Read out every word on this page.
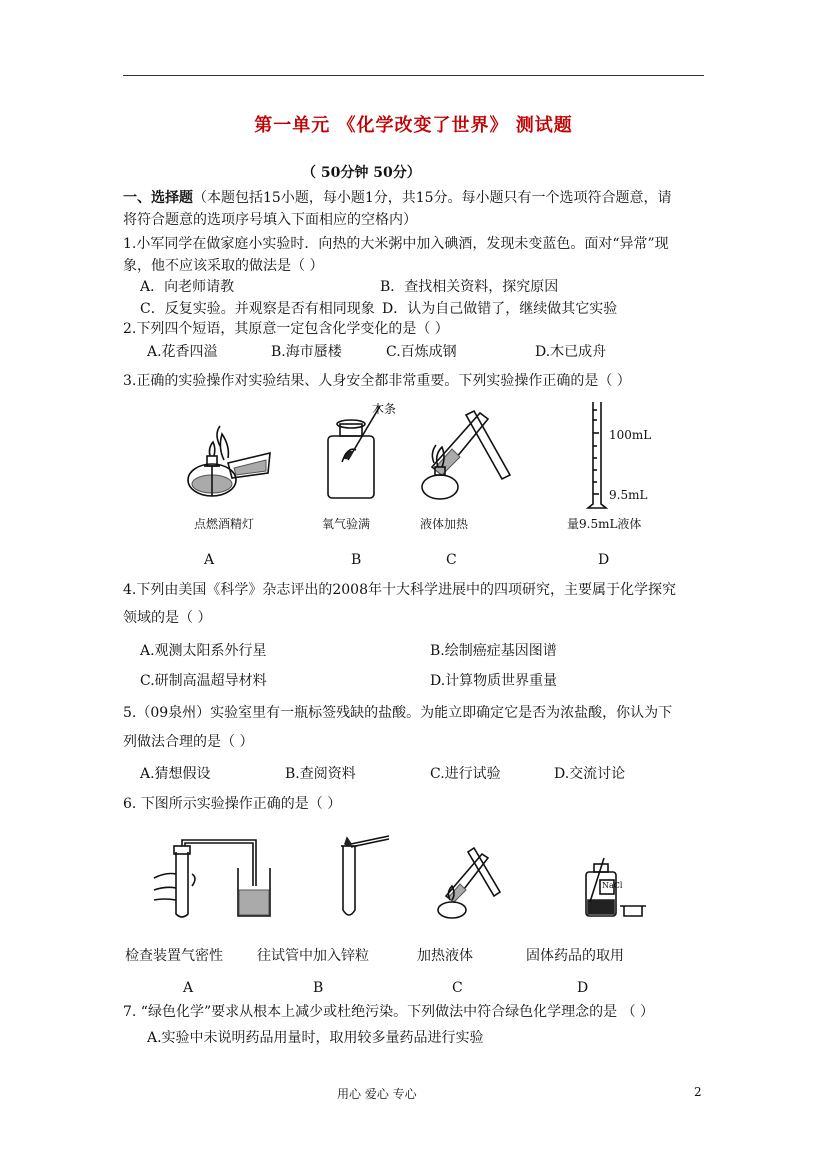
第一单元 《化学改变了世界》 测试题
（ 50分钟 50分）
一、选择题（本题包括15小题，每小题1分，共15分。每小题只有一个选项符合题意，请
将符合题意的选项序号填入下面相应的空格内）
1.小军同学在做家庭小实验时．向热的大米粥中加入碘酒，发现未变蓝色。面对“异常”现
象，他不应该采取的做法是（ ）
A．向老师请教	B．查找相关资料，探究原因
C．反复实验。并观察是否有相同现象 D．认为自己做错了，继续做其它实验
2.下列四个短语，其原意一定包含化学变化的是（ ）
A.花香四溢	B.海市蜃楼	C.百炼成钢	D.木已成舟
3.正确的实验操作对实验结果、人身安全都非常重要。下列实验操作正确的是（ ）
点燃酒精灯
木条
氧气验满	液体加热
100mL
9.5mL
量9.5mL液体
A	B	C	D
4.下列由美国《科学》杂志评出的2008年十大科学进展中的四项研究，主要属于化学探究
领域的是（ ）
A.观测太阳系外行星	B.绘制癌症基因图谱
C.研制高温超导材料	D.计算物质世界重量
5.（09泉州）实验室里有一瓶标签残缺的盐酸。为能立即确定它是否为浓盐酸，你认为下
列做法合理的是（ ）
A.猜想假设	B.查阅资料	C.进行试验	D.交流讨论
6. 下图所示实验操作正确的是（ ）
检查装置气密性 往试管中加入锌粒	加热液体
NaCl
固体药品的取用
A	B	C	D
7. “绿色化学”要求从根本上减少或杜绝污染。下列做法中符合绿色化学理念的是 （ ）
A.实验中未说明药品用量时，取用较多量药品进行实验
用心 爱心 专心	2
